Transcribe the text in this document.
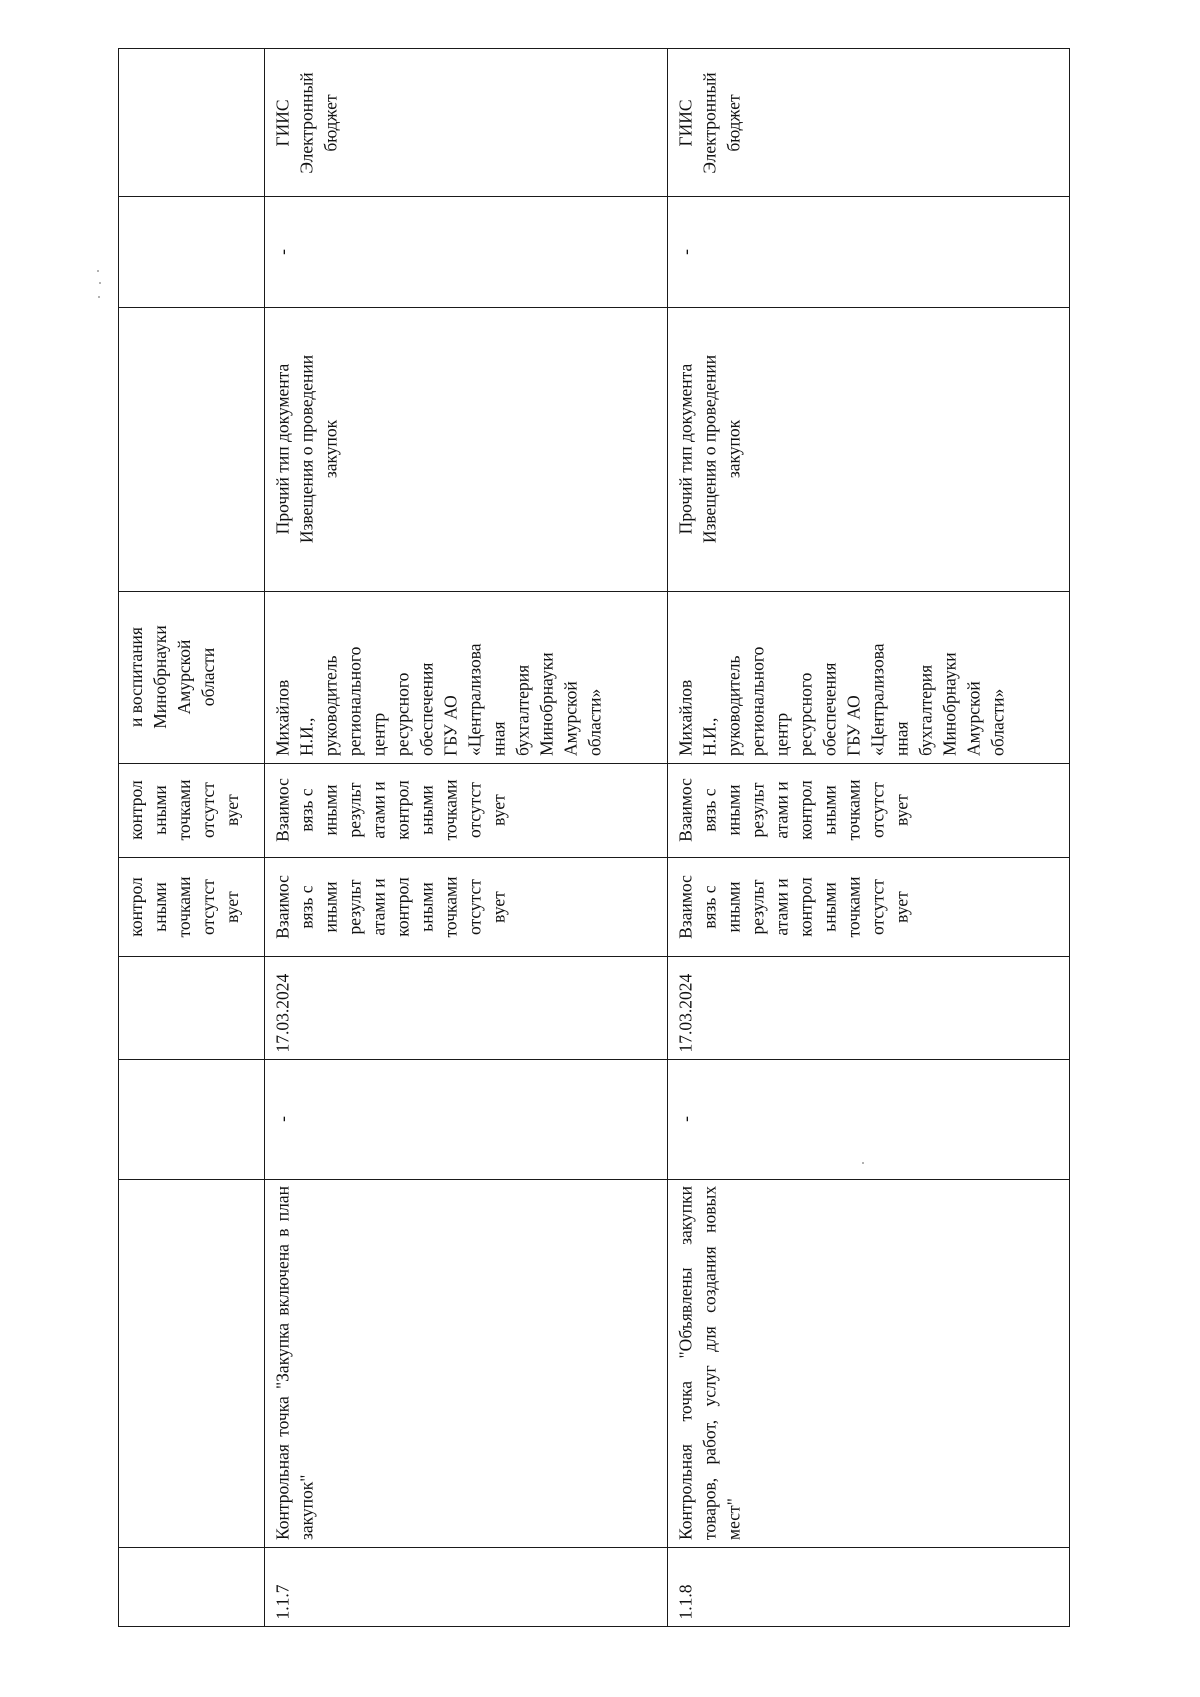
контрол
ьными
точками
отсутст
вует
контрол
ьными
точками
отсутст
вует
и воспитания
Минобрнауки
Амурской
области
1.1.7
Контрольная точка "Закупка включена в план закупок"
-
17.03.2024
Взаимос
вязь с
иными
результ
атами и
контрол
ьными
точками
отсутст
вует
Взаимос
вязь с
иными
результ
атами и
контрол
ьными
точками
отсутст
вует
Михайлов
Н.И.,
руководитель
регионального
центр
ресурсного
обеспечения
ГБУ АО
«Централизова
нная
бухгалтерия
Минобрнауки
Амурской
области»
Прочий тип документа
Извещения о проведении
закупок
-
ГИИС
Электронный
бюджет
1.1.8
Контрольная точка "Объявлены закупки товаров, работ, услуг для создания новых мест"
-
17.03.2024
Взаимос
вязь с
иными
результ
атами и
контрол
ьными
точками
отсутст
вует
Взаимос
вязь с
иными
результ
атами и
контрол
ьными
точками
отсутст
вует
Михайлов
Н.И.,
руководитель
регионального
центр
ресурсного
обеспечения
ГБУ АО
«Централизова
нная
бухгалтерия
Минобрнауки
Амурской
области»
Прочий тип документа
Извещения о проведении
закупок
-
ГИИС
Электронный
бюджет
